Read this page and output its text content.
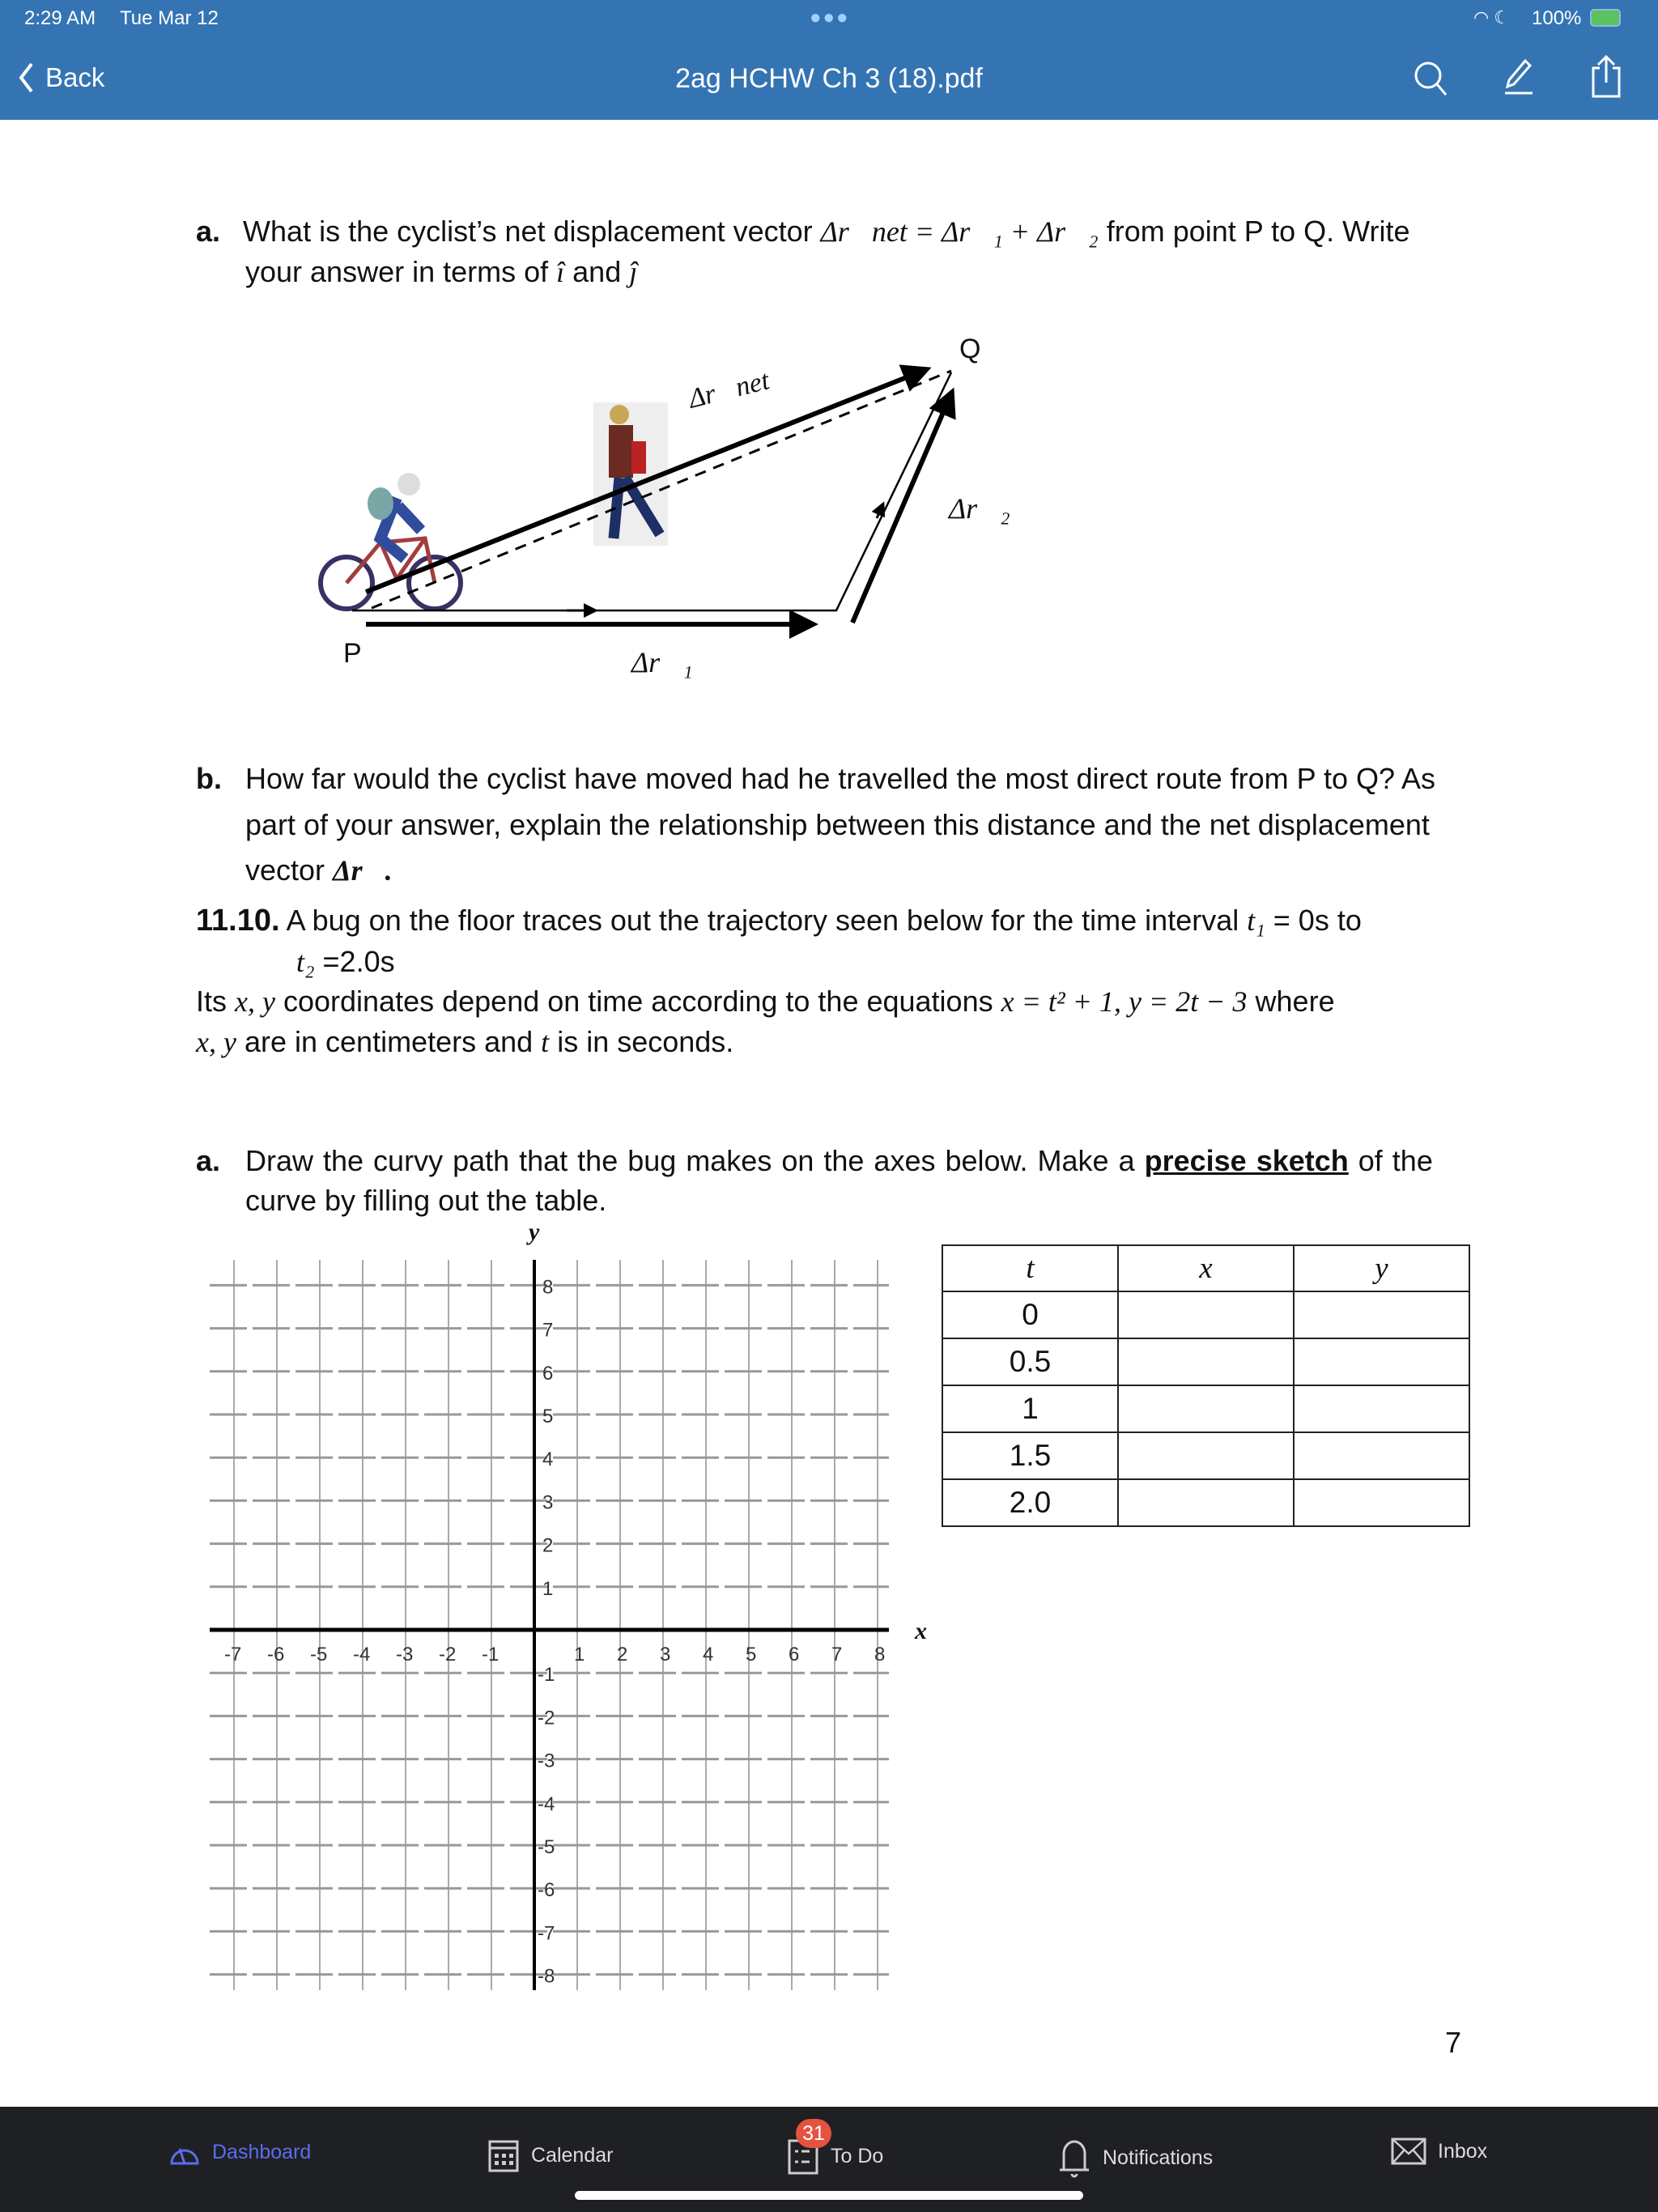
2:29 AM Tue Mar 12	●●●	◠ ☾ 100%
Back	2ag HCHW Ch 3 (18).pdf
a. What is the cyclist’s net displacement vector Δr⃗net = Δr⃗₁ + Δr⃗₂ from point P to Q. Write
your answer in terms of î and ĵ
P
Q
Δr⃗₁
Δr⃗₂
Δr⃗net
b. How far would the cyclist have moved had he travelled the most direct route from P to Q? As
part of your answer, explain the relationship between this distance and the net displacement
vector Δr⃗.
11.10. A bug on the floor traces out the trajectory seen below for the time interval t₁ = 0s to
t₂ =2.0s
Its x, y coordinates depend on time according to the equations x = t² + 1, y = 2t − 3 where
x, y are in centimeters and t is in seconds.
a. Draw the curvy path that the bug makes on the axes below. Make a precise sketch of the
curve by filling out the table.
-7 -6 -5 -4 -3 -2 -1	1 2 3 4 5 6 7 8
8
7
6
5
4
3
2
1
-1
-2
-3
-4
-5
-6
-7
-8
y
x
t	x	y
0		
0.5		
1		
1.5		
2.0		
7
Dashboard	Calendar	To Do
31
Notifications	Inbox
